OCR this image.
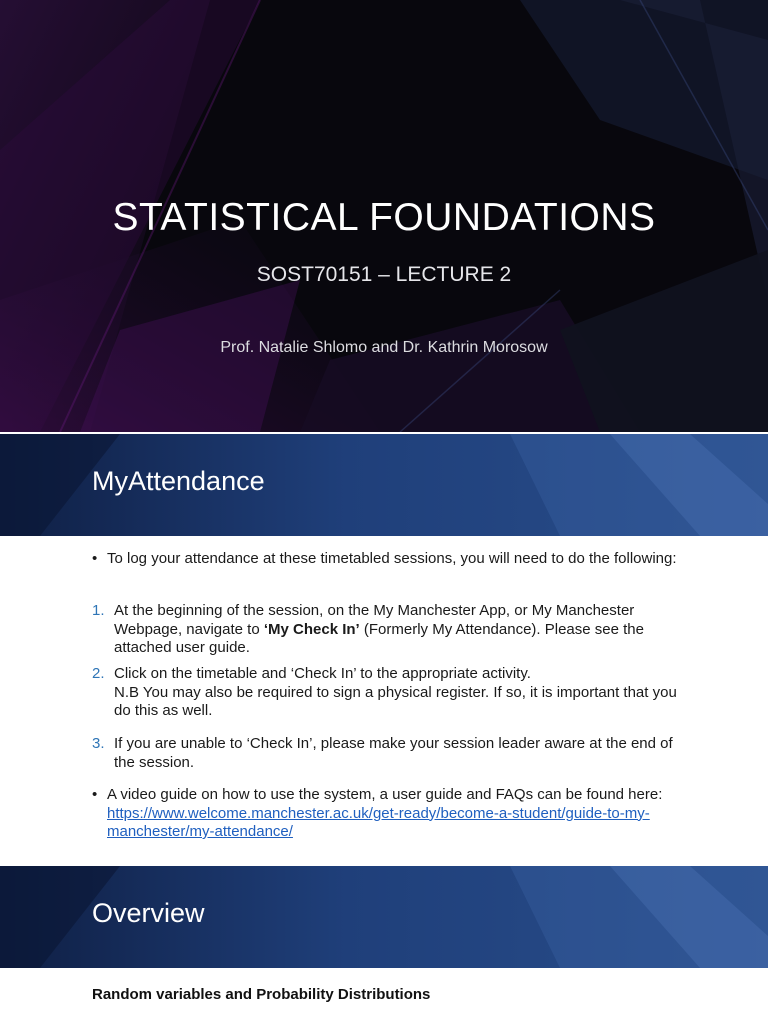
STATISTICAL FOUNDATIONS
SOST70151 – LECTURE 2
Prof. Natalie Shlomo and Dr. Kathrin Morosow
MyAttendance
• To log your attendance at these timetabled sessions, you will need to do the following:
1. At the beginning of the session, on the My Manchester App, or My Manchester Webpage, navigate to ‘My Check In’ (Formerly My Attendance). Please see the attached user guide.
2. Click on the timetable and ‘Check In’ to the appropriate activity.
N.B You may also be required to sign a physical register. If so, it is important that you do this as well.
3. If you are unable to ‘Check In’, please make your session leader aware at the end of the session.
• A video guide on how to use the system, a user guide and FAQs can be found here:  https://www.welcome.manchester.ac.uk/get-ready/become-a-student/guide-to-my-manchester/my-attendance/
Overview
Random variables and Probability Distributions
